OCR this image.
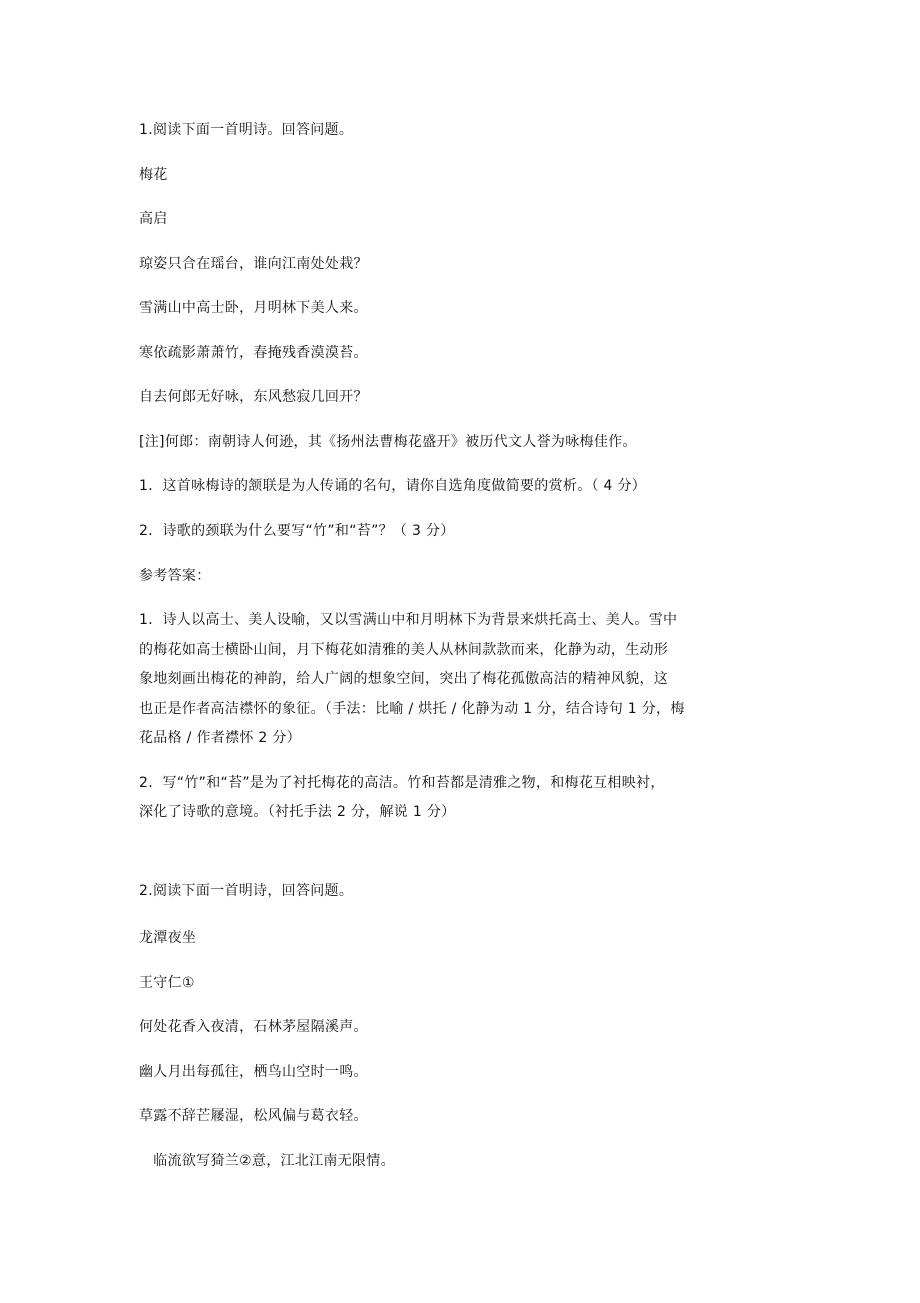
1.阅读下面一首明诗。回答问题。
梅花
高启
琼姿只合在瑶台，谁向江南处处栽？
雪满山中高士卧，月明林下美人来。
寒依疏影萧萧竹，春掩残香漠漠苔。
自去何郎无好咏，东风愁寂几回开？
[注]何郎：南朝诗人何逊，其《扬州法曹梅花盛开》被历代文人誉为咏梅佳作。
1．这首咏梅诗的颔联是为人传诵的名句，请你自选角度做简要的赏析。（ 4 分）
2．诗歌的颈联为什么要写“竹”和“苔”？（ 3 分）
参考答案：
1．诗人以高士、美人设喻，又以雪满山中和月明林下为背景来烘托高士、美人。雪中
的梅花如高士横卧山间，月下梅花如清雅的美人从林间款款而来，化静为动，生动形
象地刻画出梅花的神韵，给人广阔的想象空间，突出了梅花孤傲高洁的精神风貌，这
也正是作者高洁襟怀的象征。（手法：比喻 / 烘托 / 化静为动 1 分，结合诗句 1 分，梅
花品格 / 作者襟怀 2 分）
2．写“竹”和“苔”是为了衬托梅花的高洁。竹和苔都是清雅之物，和梅花互相映衬，
深化了诗歌的意境。（衬托手法 2 分，解说 1 分）
2.阅读下面一首明诗，回答问题。
龙潭夜坐
王守仁①
何处花香入夜清，石林茅屋隔溪声。
幽人月出每孤往，栖鸟山空时一鸣。
草露不辞芒屦湿，松风偏与葛衣轻。
临流欲写猗兰②意，江北江南无限情。
